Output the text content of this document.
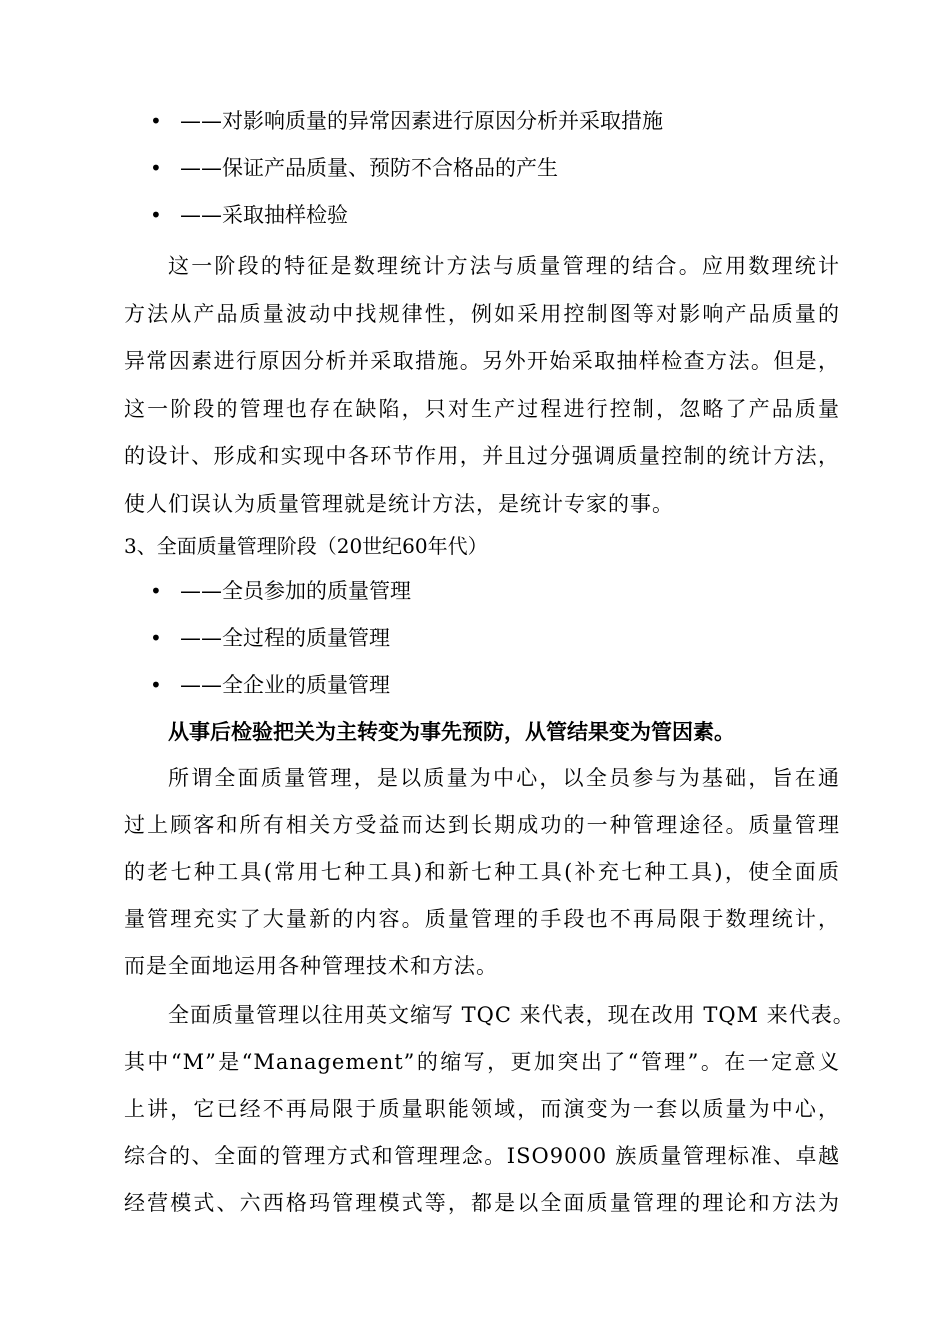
• ——对影响质量的异常因素进行原因分析并采取措施
• ——保证产品质量、预防不合格品的产生
• ——采取抽样检验
这一阶段的特征是数理统计方法与质量管理的结合。应用数理统计
方法从产品质量波动中找规律性，例如采用控制图等对影响产品质量的
异常因素进行原因分析并采取措施。另外开始采取抽样检查方法。但是，
这一阶段的管理也存在缺陷，只对生产过程进行控制，忽略了产品质量
的设计、形成和实现中各环节作用，并且过分强调质量控制的统计方法，
使人们误认为质量管理就是统计方法，是统计专家的事。

3、全面质量管理阶段（20世纪60年代）

• ——全员参加的质量管理
• ——全过程的质量管理
• ——全企业的质量管理

从事后检验把关为主转变为事先预防，从管结果变为管因素。

所谓全面质量管理，是以质量为中心，以全员参与为基础，旨在通
过上顾客和所有相关方受益而达到长期成功的一种管理途径。质量管理
的老七种工具(常用七种工具)和新七种工具(补充七种工具)，使全面质
量管理充实了大量新的内容。质量管理的手段也不再局限于数理统计，
而是全面地运用各种管理技术和方法。
全面质量管理以往用英文缩写 TQC 来代表，现在改用 TQM 来代表。
其中“M”是“Management”的缩写，更加突出了“管理”。在一定意义
上讲，它已经不再局限于质量职能领域，而演变为一套以质量为中心，
综合的、全面的管理方式和管理理念。ISO9000 族质量管理标准、卓越
经营模式、六西格玛管理模式等，都是以全面质量管理的理论和方法为
